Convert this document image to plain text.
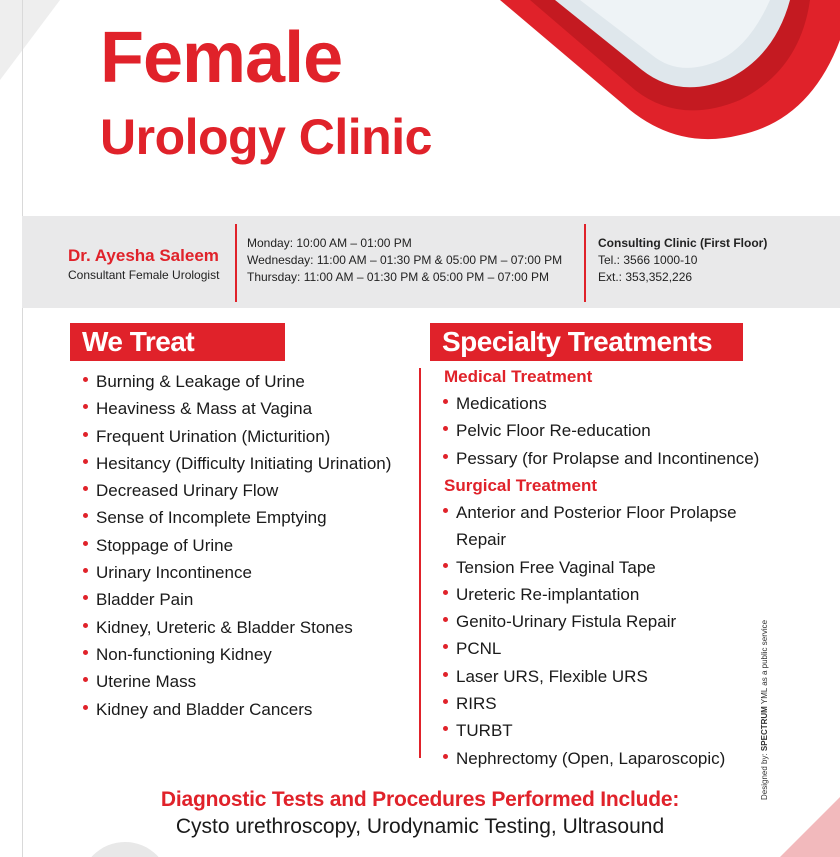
Female
Urology Clinic
Dr. Ayesha Saleem
Consultant Female Urologist
Monday: 10:00 AM – 01:00 PM
Wednesday: 11:00 AM – 01:30 PM & 05:00 PM – 07:00 PM
Thursday: 11:00 AM – 01:30 PM & 05:00 PM – 07:00 PM
Consulting Clinic (First Floor)
Tel.: 3566 1000-10
Ext.: 353,352,226
We Treat
Burning & Leakage of Urine
Heaviness & Mass at Vagina
Frequent Urination (Micturition)
Hesitancy (Difficulty Initiating Urination)
Decreased Urinary Flow
Sense of Incomplete Emptying
Stoppage of Urine
Urinary Incontinence
Bladder Pain
Kidney, Ureteric & Bladder Stones
Non-functioning Kidney
Uterine Mass
Kidney and Bladder Cancers
Specialty Treatments
Medical Treatment
Medications
Pelvic Floor Re-education
Pessary (for Prolapse and Incontinence)
Surgical Treatment
Anterior and Posterior Floor Prolapse
Repair
Tension Free Vaginal Tape
Ureteric Re-implantation
Genito-Urinary Fistula Repair
PCNL
Laser URS, Flexible URS
RIRS
TURBT
Nephrectomy (Open, Laparoscopic)	Designed by: SPECTRUM YML as a public service
Diagnostic Tests and Procedures Performed Include:
Cysto urethroscopy, Urodynamic Testing, Ultrasound
